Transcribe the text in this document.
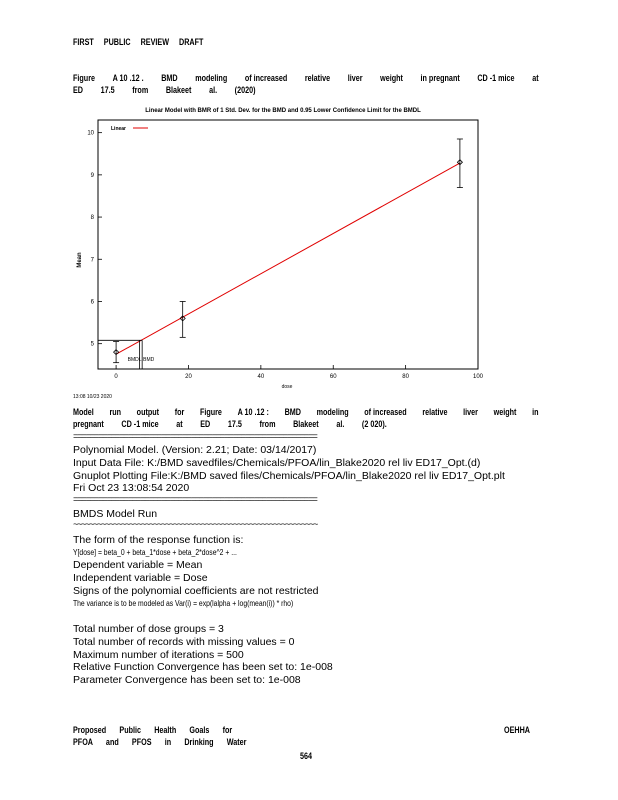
FIRST PUBLIC REVIEW DRAFT
Figure A 10 .12 . BMD modeling of increased relative liver weight in pregnant CD -1 mice at
ED 17.5 from Blakeet al. (2020)
Linear Model with BMR of 1 Std. Dev. for the BMD and 0.95 Lower Confidence Limit for the BMDL
0	20	40	60	80	100
5
6
7
8
9
10
Linear
BMDL BMD
Mean
dose
13:08 10/23 2020
Model run output for Figure A 10 .12 : BMD modeling of increased relative liver weight in
pregnant CD -1 mice at ED 17.5 from Blakeet al. (2 020).
==========================================================
Polynomial Model. (Version: 2.21; Date: 03/14/2017)
Input Data File: K:/BMD savedfiles/Chemicals/PFOA/lin_Blake2020 rel liv ED17_Opt.(d)
Gnuplot Plotting File:K:/BMD saved files/Chemicals/PFOA/lin_Blake2020 rel liv ED17_Opt.plt
Fri Oct 23 13:08:54 2020
==========================================================
BMDS Model Run
~~~~~~~~~~~~~~~~~~~~~~~~~~~~~~~~~~~~~~~~~~~~~~~~~~~~~~~~~~~~~
The form of the response function is:
Y[dose] = beta_0 + beta_1*dose + beta_2*dose^2 + ...
Dependent variable = Mean
Independent variable = Dose
Signs of the polynomial coefficients are not restricted
The variance is to be modeled as Var(i) = exp(lalpha + log(mean(i)) * rho)
Total number of dose groups = 3
Total number of records with missing values = 0
Maximum number of iterations = 500
Relative Function Convergence has been set to: 1e-008
Parameter Convergence has been set to: 1e-008
Proposed Public Health Goals for
PFOA and PFOS in Drinking Water
OEHHA
564
